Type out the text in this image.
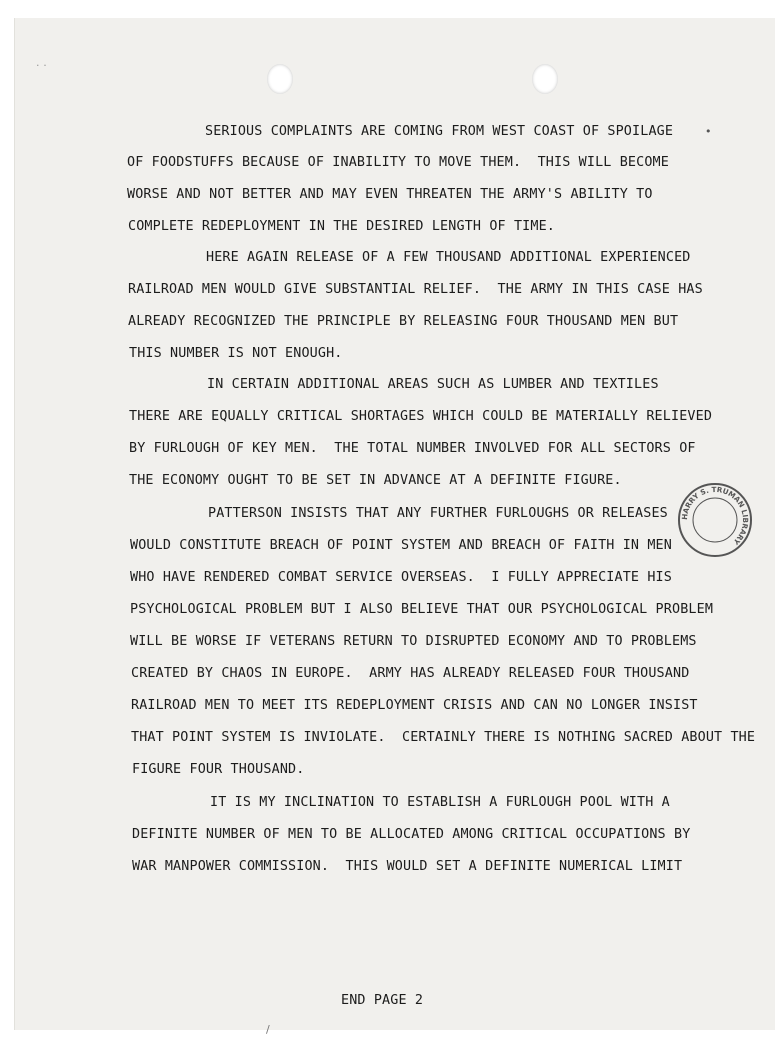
SERIOUS COMPLAINTS ARE COMING FROM WEST COAST OF SPOILAGE
OF FOODSTUFFS BECAUSE OF INABILITY TO MOVE THEM.  THIS WILL BECOME
WORSE AND NOT BETTER AND MAY EVEN THREATEN THE ARMY'S ABILITY TO
COMPLETE REDEPLOYMENT IN THE DESIRED LENGTH OF TIME.
HERE AGAIN RELEASE OF A FEW THOUSAND ADDITIONAL EXPERIENCED
RAILROAD MEN WOULD GIVE SUBSTANTIAL RELIEF.  THE ARMY IN THIS CASE HAS
ALREADY RECOGNIZED THE PRINCIPLE BY RELEASING FOUR THOUSAND MEN BUT
THIS NUMBER IS NOT ENOUGH.
IN CERTAIN ADDITIONAL AREAS SUCH AS LUMBER AND TEXTILES
THERE ARE EQUALLY CRITICAL SHORTAGES WHICH COULD BE MATERIALLY RELIEVED
BY FURLOUGH OF KEY MEN.  THE TOTAL NUMBER INVOLVED FOR ALL SECTORS OF
THE ECONOMY OUGHT TO BE SET IN ADVANCE AT A DEFINITE FIGURE.
PATTERSON INSISTS THAT ANY FURTHER FURLOUGHS OR RELEASES
WOULD CONSTITUTE BREACH OF POINT SYSTEM AND BREACH OF FAITH IN MEN
WHO HAVE RENDERED COMBAT SERVICE OVERSEAS.  I FULLY APPRECIATE HIS
PSYCHOLOGICAL PROBLEM BUT I ALSO BELIEVE THAT OUR PSYCHOLOGICAL PROBLEM
WILL BE WORSE IF VETERANS RETURN TO DISRUPTED ECONOMY AND TO PROBLEMS
CREATED BY CHAOS IN EUROPE.  ARMY HAS ALREADY RELEASED FOUR THOUSAND
RAILROAD MEN TO MEET ITS REDEPLOYMENT CRISIS AND CAN NO LONGER INSIST
THAT POINT SYSTEM IS INVIOLATE.  CERTAINLY THERE IS NOTHING SACRED ABOUT THE
FIGURE FOUR THOUSAND.
IT IS MY INCLINATION TO ESTABLISH A FURLOUGH POOL WITH A
DEFINITE NUMBER OF MEN TO BE ALLOCATED AMONG CRITICAL OCCUPATIONS BY
WAR MANPOWER COMMISSION.  THIS WOULD SET A DEFINITE NUMERICAL LIMIT
END PAGE 2
•
· ·
/
HARRY S. TRUMAN LIBRARY
